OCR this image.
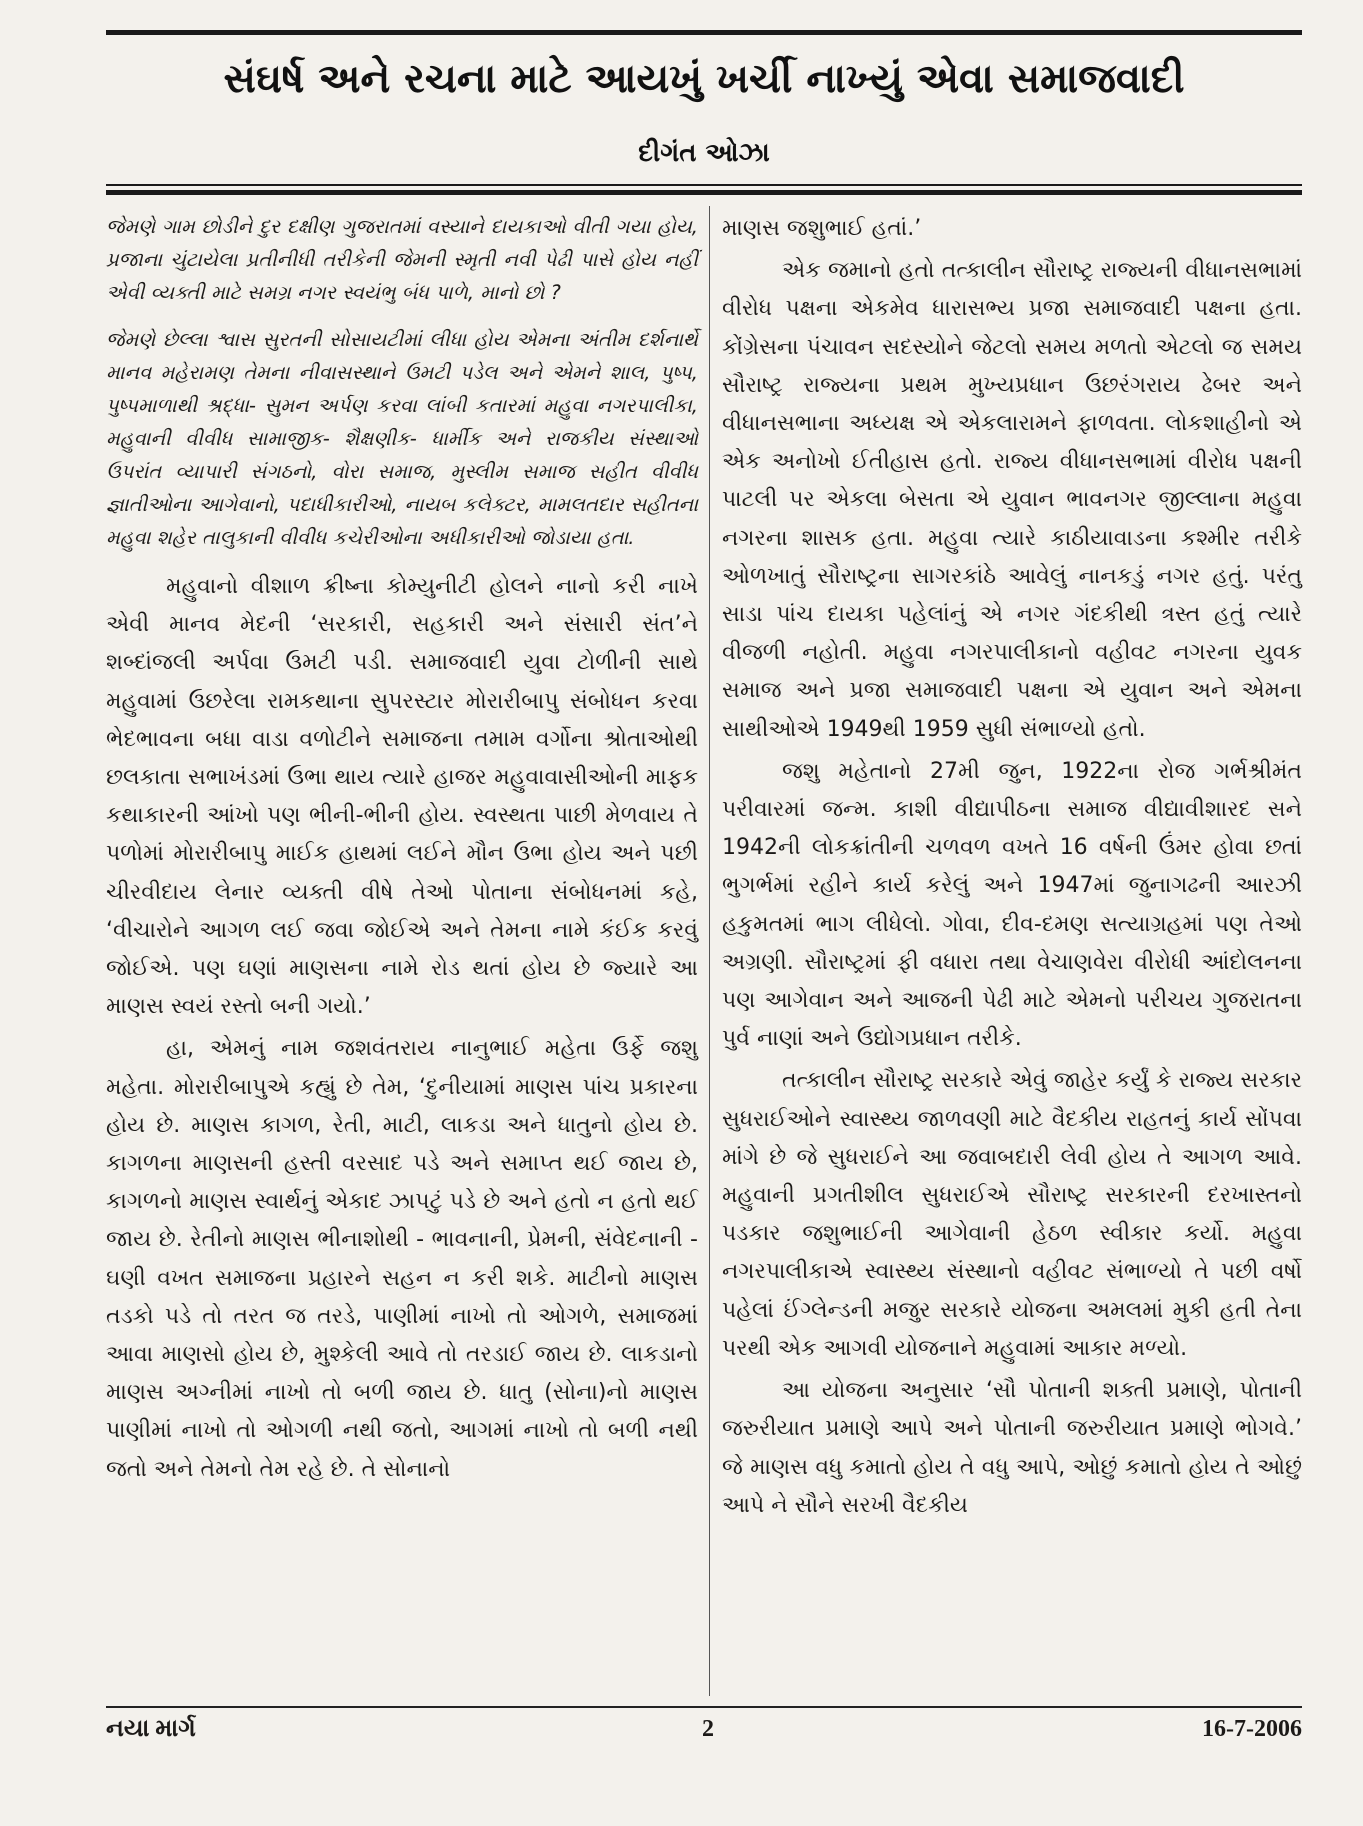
સંઘર્ષ અને રચના માટે આયખું ખર્ચી નાખ્યું એવા સમાજવાદી
દીગંત ઓઝા

જેમણે ગામ છોડીને દુર દક્ષીણ ગુજરાતમાં વસ્યાને દાયકાઓ વીતી ગયા હોય, પ્રજાના ચુંટાયેલા પ્રતીનીધી તરીકેની જેમની સ્મૃતી નવી પેઢી પાસે હોય નહીં એવી વ્યક્તી માટે સમગ્ર નગર સ્વયંભુ બંધ પાળે, માનો છો ?

જેમણે છેલ્લા શ્વાસ સુરતની સોસાયટીમાં લીધા હોય એમના અંતીમ દર્શનાર્થે માનવ મહેરામણ તેમના નીવાસસ્થાને ઉમટી પડેલ અને એમને શાલ, પુષ્પ, પુષ્પમાળાથી શ્રદ્ધા- સુમન અર્પણ કરવા લાંબી કતારમાં મહુવા નગરપાલીકા, મહુવાની વીવીધ સામાજીક- શૈક્ષણીક- ધાર્મીક અને રાજકીય સંસ્થાઓ ઉપરાંત વ્યાપારી સંગઠનો, વોરા સમાજ, મુસ્લીમ સમાજ સહીત વીવીધ જ્ઞાતીઓના આગેવાનો, પદાધીકારીઓ, નાયબ કલેક્ટર, મામલતદાર સહીતના મહુવા શહેર તાલુકાની વીવીધ કચેરીઓના અધીકારીઓ જોડાયા હતા.

મહુવાનો વીશાળ ક્રીષ્ના કોમ્યુનીટી હોલને નાનો કરી નાખે એવી માનવ મેદની ‘સરકારી, સહકારી અને સંસારી સંત’ને શબ્દાંજલી અર્પવા ઉમટી પડી. સમાજવાદી યુવા ટોળીની સાથે મહુવામાં ઉછરેલા રામકથાના સુપરસ્ટાર મોરારીબાપુ સંબોધન કરવા ભેદભાવના બધા વાડા વળોટીને સમાજના તમામ વર્ગોના શ્રોતાઓથી છલકાતા સભાખંડમાં ઉભા થાય ત્યારે હાજર મહુવાવાસીઓની માફક કથાકારની આંખો પણ ભીની-ભીની હોય. સ્વસ્થતા પાછી મેળવાય તે પળોમાં મોરારીબાપુ માઈક હાથમાં લઈને મૌન ઉભા હોય અને પછી ચીરવીદાય લેનાર વ્યક્તી વીષે તેઓ પોતાના સંબોધનમાં કહે, ‘વીચારોને આગળ લઈ જવા જોઈએ અને તેમના નામે કંઈક કરવું જોઈએ. પણ ઘણાં માણસના નામે રોડ થતાં હોય છે જ્યારે આ માણસ સ્વયં રસ્તો બની ગયો.’

હા, એમનું નામ જશવંતરાય નાનુભાઈ મહેતા ઉર્ફે જશુ મહેતા. મોરારીબાપુએ કહ્યું છે તેમ, ‘દુનીયામાં માણસ પાંચ પ્રકારના હોય છે. માણસ કાગળ, રેતી, માટી, લાકડા અને ધાતુનો હોય છે. કાગળના માણસની હસ્તી વરસાદ પડે અને સમાપ્ત થઈ જાય છે, કાગળનો માણસ સ્વાર્થનું એકાદ ઝાપટું પડે છે અને હતો ન હતો થઈ જાય છે. રેતીનો માણસ ભીનાશોથી - ભાવનાની, પ્રેમની, સંવેદનાની - ઘણી વખત સમાજના પ્રહારને સહન ન કરી શકે. માટીનો માણસ તડકો પડે તો તરત જ તરડે, પાણીમાં નાખો તો ઓગળે, સમાજમાં આવા માણસો હોય છે, મુશ્કેલી આવે તો તરડાઈ જાય છે. લાકડાનો માણસ અગ્નીમાં નાખો તો બળી જાય છે. ધાતુ (સોના)નો માણસ પાણીમાં નાખો તો ઓગળી નથી જતો, આગમાં નાખો તો બળી નથી જતો અને તેમનો તેમ રહે છે. તે સોનાનો

માણસ જશુભાઈ હતાં.’

એક જમાનો હતો તત્કાલીન સૌરાષ્ટ્ર રાજ્યની વીધાનસભામાં વીરોધ પક્ષના એકમેવ ધારાસભ્ય પ્રજા સમાજવાદી પક્ષના હતા. કોંગ્રેસના પંચાવન સદસ્યોને જેટલો સમય મળતો એટલો જ સમય સૌરાષ્ટ્ર રાજ્યના પ્રથમ મુખ્યપ્રધાન ઉછરંગરાય ઢેબર અને વીધાનસભાના અધ્યક્ષ એ એકલારામને ફાળવતા. લોકશાહીનો એ એક અનોખો ઈતીહાસ હતો. રાજ્ય વીધાનસભામાં વીરોધ પક્ષની પાટલી પર એકલા બેસતા એ યુવાન ભાવનગર જીલ્લાના મહુવા નગરના શાસક હતા. મહુવા ત્યારે કાઠીયાવાડના કશ્મીર તરીકે ઓળખાતું સૌરાષ્ટ્રના સાગરકાંઠે આવેલું નાનકડું નગર હતું. પરંતુ સાડા પાંચ દાયકા પહેલાંનું એ નગર ગંદકીથી ત્રસ્ત હતું ત્યારે વીજળી નહોતી. મહુવા નગરપાલીકાનો વહીવટ નગરના યુવક સમાજ અને પ્રજા સમાજવાદી પક્ષના એ યુવાન અને એમના સાથીઓએ 1949થી 1959 સુધી સંભાળ્યો હતો.

જશુ મહેતાનો 27મી જુન, 1922ના રોજ ગર્ભશ્રીમંત પરીવારમાં જન્મ. કાશી વીદ્યાપીઠના સમાજ વીદ્યાવીશારદ સને 1942ની લોકક્રાંતીની ચળવળ વખતે 16 વર્ષની ઉંમર હોવા છતાં ભુગર્ભમાં રહીને કાર્ય કરેલું અને 1947માં જુનાગઢની આરઝી હકુમતમાં ભાગ લીધેલો. ગોવા, દીવ-દમણ સત્યાગ્રહમાં પણ તેઓ અગ્રણી. સૌરાષ્ટ્રમાં ફી વધારા તથા વેચાણવેરા વીરોધી આંદોલનના પણ આગેવાન અને આજની પેઢી માટે એમનો પરીચય ગુજરાતના પુર્વ નાણાં અને ઉદ્યોગપ્રધાન તરીકે.

તત્કાલીન સૌરાષ્ટ્ર સરકારે એવું જાહેર કર્યું કે રાજ્ય સરકાર સુધરાઈઓને સ્વાસ્થ્ય જાળવણી માટે વૈદકીય રાહતનું કાર્ય સોંપવા માંગે છે જે સુધરાઈને આ જવાબદારી લેવી હોય તે આગળ આવે. મહુવાની પ્રગતીશીલ સુધરાઈએ સૌરાષ્ટ્ર સરકારની દરખાસ્તનો પડકાર જશુભાઈની આગેવાની હેઠળ સ્વીકાર કર્યો. મહુવા નગરપાલીકાએ સ્વાસ્થ્ય સંસ્થાનો વહીવટ સંભાળ્યો તે પછી વર્ષો પહેલાં ઈંગ્લેન્ડની મજુર સરકારે યોજના અમલમાં મુકી હતી તેના પરથી એક આગવી યોજનાને મહુવામાં આકાર મળ્યો.

આ યોજના અનુસાર ‘સૌ પોતાની શક્તી પ્રમાણે, પોતાની જરુરીયાત પ્રમાણે આપે અને પોતાની જરુરીયાત પ્રમાણે ભોગવે.’ જે માણસ વધુ કમાતો હોય તે વધુ આપે, ઓછું કમાતો હોય તે ઓછું આપે ને સૌને સરખી વૈદકીય

નયા માર્ગ	2	16-7-2006
